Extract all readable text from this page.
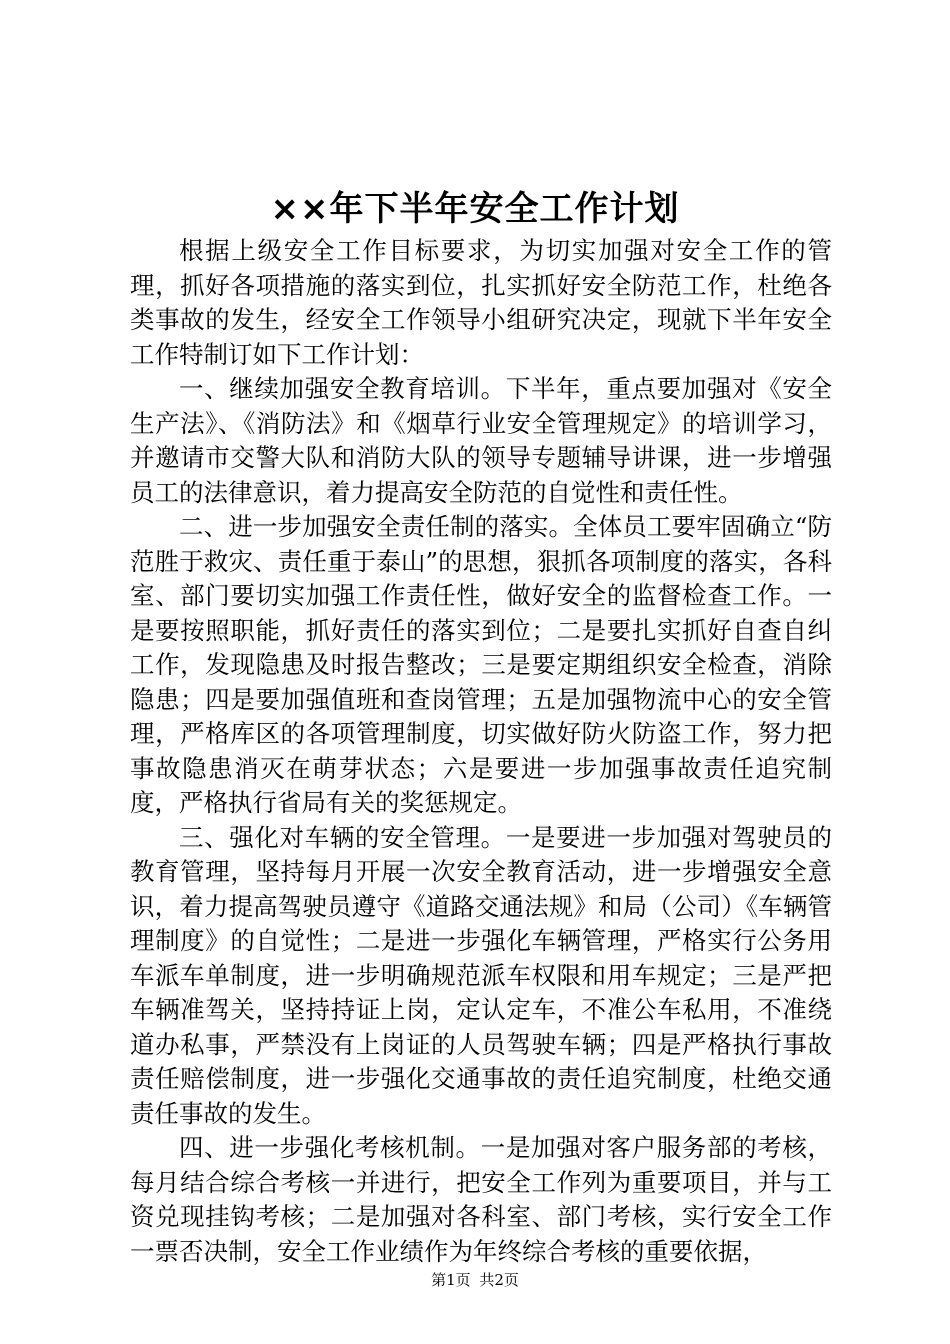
××年下半年安全工作计划

根据上级安全工作目标要求，为切实加强对安全工作的管理，抓好各项措施的落实到位，扎实抓好安全防范工作，杜绝各类事故的发生，经安全工作领导小组研究决定，现就下半年安全工作特制订如下工作计划：

一、继续加强安全教育培训。下半年，重点要加强对《安全生产法》、《消防法》和《烟草行业安全管理规定》的培训学习，并邀请市交警大队和消防大队的领导专题辅导讲课，进一步增强员工的法律意识，着力提高安全防范的自觉性和责任性。

二、进一步加强安全责任制的落实。全体员工要牢固确立“防范胜于救灾、责任重于泰山”的思想，狠抓各项制度的落实，各科室、部门要切实加强工作责任性，做好安全的监督检查工作。一是要按照职能，抓好责任的落实到位；二是要扎实抓好自查自纠工作，发现隐患及时报告整改；三是要定期组织安全检查，消除隐患；四是要加强值班和查岗管理；五是加强物流中心的安全管理，严格库区的各项管理制度，切实做好防火防盗工作，努力把事故隐患消灭在萌芽状态；六是要进一步加强事故责任追究制度，严格执行省局有关的奖惩规定。

三、强化对车辆的安全管理。一是要进一步加强对驾驶员的教育管理，坚持每月开展一次安全教育活动，进一步增强安全意识，着力提高驾驶员遵守《道路交通法规》和局（公司）《车辆管理制度》的自觉性；二是进一步强化车辆管理，严格实行公务用车派车单制度，进一步明确规范派车权限和用车规定；三是严把车辆准驾关，坚持持证上岗，定认定车，不准公车私用，不准绕道办私事，严禁没有上岗证的人员驾驶车辆；四是严格执行事故责任赔偿制度，进一步强化交通事故的责任追究制度，杜绝交通责任事故的发生。

四、进一步强化考核机制。一是加强对客户服务部的考核，每月结合综合考核一并进行，把安全工作列为重要项目，并与工资兑现挂钩考核；二是加强对各科室、部门考核，实行安全工作一票否决制，安全工作业绩作为年终综合考核的重要依据，

第1页 共2页
